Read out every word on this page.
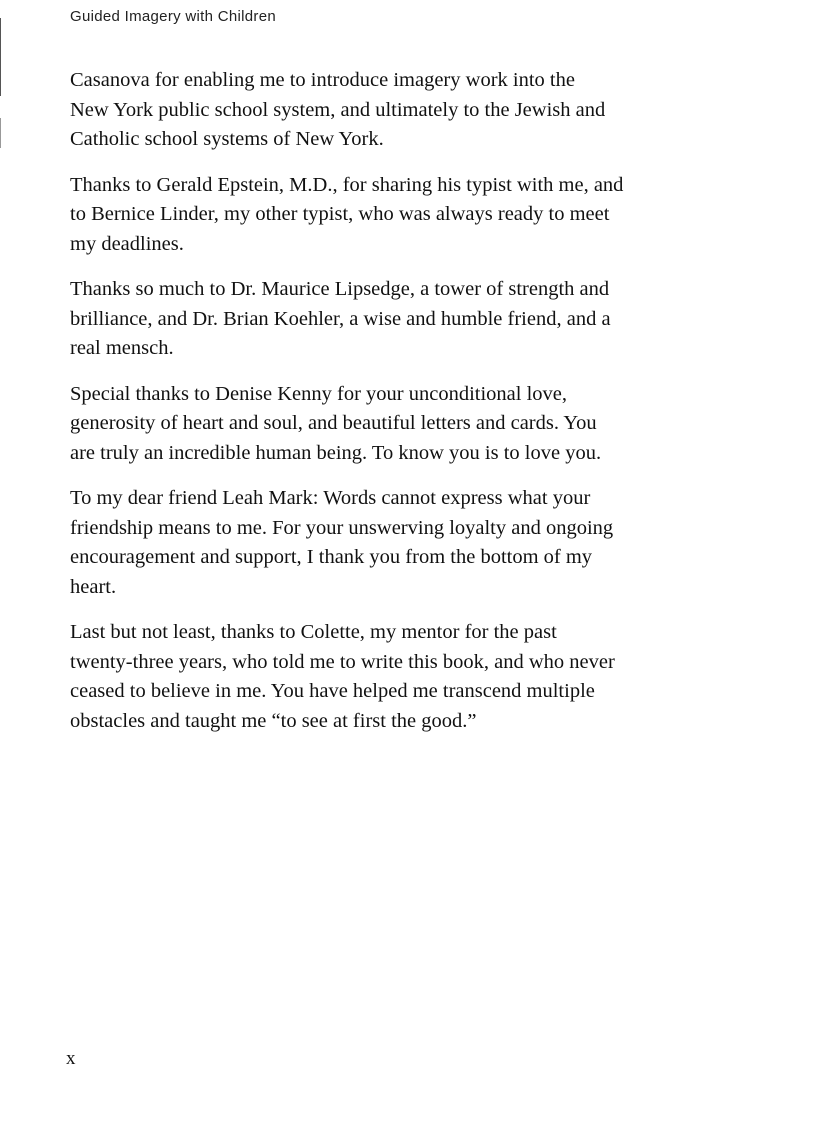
Guided Imagery with Children

Casanova for enabling me to introduce imagery work into the
New York public school system, and ultimately to the Jewish and
Catholic school systems of New York.

Thanks to Gerald Epstein, M.D., for sharing his typist with me, and
to Bernice Linder, my other typist, who was always ready to meet
my deadlines.

Thanks so much to Dr. Maurice Lipsedge, a tower of strength and
brilliance, and Dr. Brian Koehler, a wise and humble friend, and a
real mensch.

Special thanks to Denise Kenny for your unconditional love,
generosity of heart and soul, and beautiful letters and cards. You
are truly an incredible human being. To know you is to love you.

To my dear friend Leah Mark: Words cannot express what your
friendship means to me. For your unswerving loyalty and ongoing
encouragement and support, I thank you from the bottom of my
heart.

Last but not least, thanks to Colette, my mentor for the past
twenty-three years, who told me to write this book, and who never
ceased to believe in me. You have helped me transcend multiple
obstacles and taught me “to see at first the good.”

x
